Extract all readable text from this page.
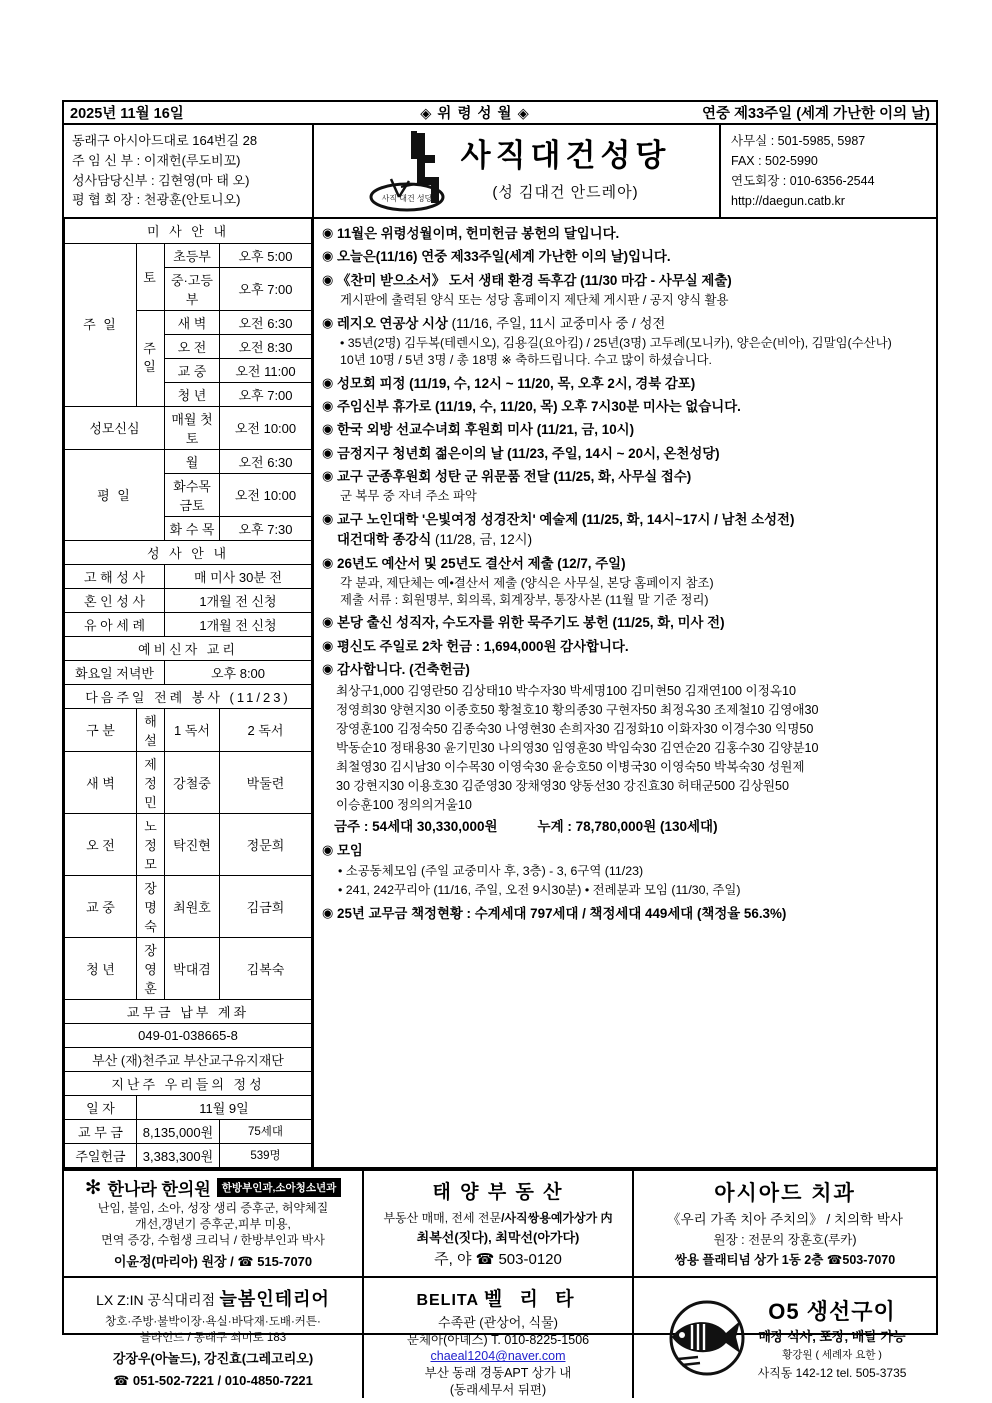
2025년 11월 16일	◈ 위 령 성 월 ◈	연중 제33주일 (세계 가난한 이의 날)
동래구 아시아드대로 164번길 28
주 임 신 부 : 이재헌(루도비꼬)
성사담당신부 : 김현영(마 태 오)
평 협 회 장 : 천광훈(안토니오)	사직 대건 성당
사직대건성당
(성 김대건 안드레아)
사무실 : 501-5985, 5987
FAX : 502-5990
연도회장 : 010-6356-2544
http://daegun.catb.kr
미 사 안 내			
주 일	토	초등부	오후 5:00
		중·고등부	오후 7:00
	주 일	새 벽	오전 6:30
		오 전	오전 8:30
		교 중	오전 11:00
		청 년	오후 7:00
성모신심		매월 첫 토	오전 10:00
평 일		월	오전 6:30
		화수목금토	오전 10:00
		화 수 목	오후 7:30
성 사 안 내			
고 해 성 사		매 미사 30분 전	
혼 인 성 사		1개월 전 신청	
유 아 세 례		1개월 전 신청	
예비신자 교리			
화요일 저녁반		오후 8:00	
다음주일 전례 봉사 (11/23)			
구 분	해 설	1 독서	2 독서
새 벽	제정민	강철중	박둘련
오 전	노정모	탁진현	정문희
교 중	장명숙	최원호	김금희
청 년	장영훈	박대겸	김복숙
교무금 납부 계좌			
049-01-038665-8			
부산 (재)천주교 부산교구유지재단			
지난주 우리들의 정성			
일 자	11월 9일		
교 무 금	8,135,000원		75세대
주일헌금	3,383,300원		539명
◉ 11월은 위령성월이며, 헌미헌금 봉헌의 달입니다.
◉ 오늘은(11/16) 연중 제33주일(세계 가난한 이의 날)입니다.
◉ 《찬미 받으소서》 도서 생태 환경 독후감 (11/30 마감 - 사무실 제출)
게시판에 출력된 양식 또는 성당 홈페이지 제단체 게시판 / 공지 양식 활용
◉ 레지오 연공상 시상 (11/16, 주일, 11시 교중미사 중 / 성전
• 35년(2명) 김두복(테렌시오), 김용길(요아킴) / 25년(3명) 고두례(모니카), 양은순(비아), 김말임(수산나)
10년 10명 / 5년 3명 / 총 18명 ※ 축하드립니다. 수고 많이 하셨습니다.
◉ 성모회 피정 (11/19, 수, 12시 ~ 11/20, 목, 오후 2시, 경북 감포)
◉ 주임신부 휴가로 (11/19, 수, 11/20, 목) 오후 7시30분 미사는 없습니다.
◉ 한국 외방 선교수녀회 후원회 미사 (11/21, 금, 10시)
◉ 금정지구 청년회 젊은이의 날 (11/23, 주일, 14시 ~ 20시, 온천성당)
◉ 교구 군종후원회 성탄 군 위문품 전달 (11/25, 화, 사무실 접수)
군 복무 중 자녀 주소 파악
◉ 교구 노인대학 '은빛여정 성경잔치' 예술제 (11/25, 화, 14시~17시 / 남천 소성전)
대건대학 종강식 (11/28, 금, 12시)
◉ 26년도 예산서 및 25년도 결산서 제출 (12/7, 주일)
각 분과, 제단체는 예•결산서 제출 (양식은 사무실, 본당 홈페이지 참조)
제출 서류 : 회원명부, 회의록, 회계장부, 통장사본 (11월 말 기준 정리)
◉ 본당 출신 성직자, 수도자를 위한 묵주기도 봉헌 (11/25, 화, 미사 전)
◉ 평신도 주일로 2차 헌금 : 1,694,000원 감사합니다.
◉ 감사합니다. (건축헌금)
최상구1,000 김영란50 김상태10 박수자30 박세명100 김미현50 김재연100 이정옥10
정영희30 양현지30 이종호50 황철호10 황의종30 구현자50 최정옥30 조제철10 김영애30
장영훈100 김정숙50 김종숙30 나영현30 손희자30 김정화10 이화자30 이경수30 익명50
박동순10 정태용30 윤기민30 나의영30 임영훈30 박임숙30 김연순20 김홍수30 김양분10
최철영30 김시남30 이수목30 이영숙30 윤승호50 이병국30 이영숙50 박복숙30 성원제
30 강현지30 이용호30 김준영30 장채영30 양동선30 강진효30 허태군500 김상원50
이승훈100 정의의거울10
금주 : 54세대 30,330,000원	누계 : 78,780,000원 (130세대)
◉ 모임
• 소공동체모임 (주일 교중미사 후, 3층) - 3, 6구역 (11/23)
• 241, 242꾸리아 (11/16, 주일, 오전 9시30분) • 전례분과 모임 (11/30, 주일)
◉ 25년 교무금 책정현황 : 수계세대 797세대 / 책정세대 449세대 (책정율 56.3%)
✻ 한나라 한의원	한방부인과,소아청소년과
난임, 불임, 소아, 성장 생리 증후군, 허약체질
개선,갱년기 증후군,피부 미용,
면역 증강, 수험생 크리닉 / 한방부인과 박사
이윤정(마리아) 원장 / ☎ 515-7070
태 양 부 동 산
부동산 매매, 전세 전문/사직쌍용예가상가 内
최복선(짓다), 최막선(아가다)
주, 야 ☎ 503-0120
아시아드 치과
《우리 가족 치아 주치의》 / 치의학 박사
원장 : 전문의 장훈호(루카)
쌍용 플래티넘 상가 1동 2층 ☎503-7070
LX Z:IN 공식대리점 늘봄인테리어
창호·주방·불박이장·욕실·바닥재·도배·커튼·
블라인드 / 동래구 쇠미로 183
강장우(아놀드), 강진효(그레고리오)
☎ 051-502-7221 / 010-4850-7221
BELITA 벨 리 타
수족관 (관상어, 식물)
문체아(아녜스) T. 010-8225-1506
chaeal1204@naver.com
부산 동래 경동APT 상가 내
(동래세무서 뒤편)
O5 생선구이
매장 식사, 포장, 배달 가능
황강원 ( 세례자 요한 )
사직동 142-12 tel. 505-3735
